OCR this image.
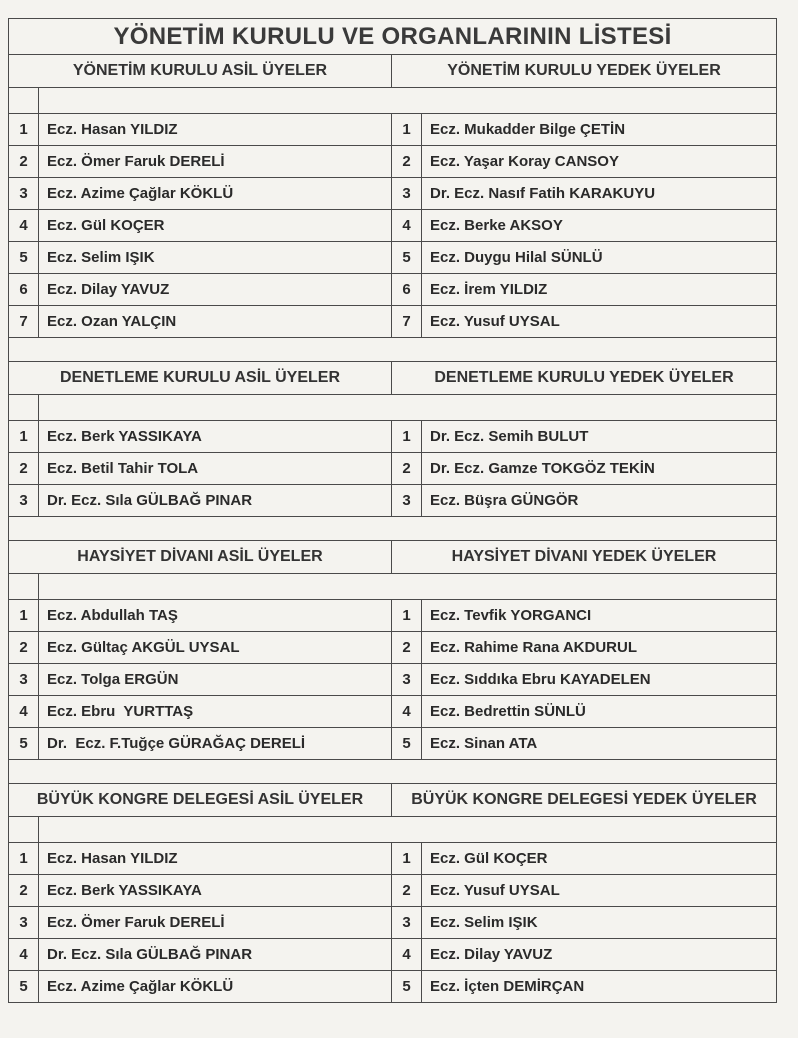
YÖNETİM KURULU VE ORGANLARININ LİSTESİ
YÖNETİM KURULU ASİL ÜYELER	YÖNETİM KURULU YEDEK ÜYELER
1	Ecz. Hasan YILDIZ	1	Ecz. Mukadder Bilge ÇETİN
2	Ecz. Ömer Faruk DERELİ	2	Ecz. Yaşar Koray CANSOY
3	Ecz. Azime Çağlar KÖKLÜ	3	Dr. Ecz. Nasıf Fatih KARAKUYU
4	Ecz. Gül KOÇER	4	Ecz. Berke AKSOY
5	Ecz. Selim IŞIK	5	Ecz. Duygu Hilal SÜNLÜ
6	Ecz. Dilay YAVUZ	6	Ecz. İrem YILDIZ
7	Ecz. Ozan YALÇIN	7	Ecz. Yusuf UYSAL
DENETLEME KURULU ASİL ÜYELER	DENETLEME KURULU YEDEK ÜYELER
1	Ecz. Berk YASSIKAYA	1	Dr. Ecz. Semih BULUT
2	Ecz. Betil Tahir TOLA	2	Dr. Ecz. Gamze TOKGÖZ TEKİN
3	Dr. Ecz. Sıla GÜLBAĞ PINAR	3	Ecz. Büşra GÜNGÖR
HAYSİYET DİVANI ASİL ÜYELER	HAYSİYET DİVANI YEDEK ÜYELER
1	Ecz. Abdullah TAŞ	1	Ecz. Tevfik YORGANCI
2	Ecz. Gültaç AKGÜL UYSAL	2	Ecz. Rahime Rana AKDURUL
3	Ecz. Tolga ERGÜN	3	Ecz. Sıddıka Ebru KAYADELEN
4	Ecz. Ebru  YURTTAŞ	4	Ecz. Bedrettin SÜNLÜ
5	Dr.  Ecz. F.Tuğçe GÜRAĞAÇ DERELİ	5	Ecz. Sinan ATA
BÜYÜK KONGRE DELEGESİ ASİL ÜYELER	BÜYÜK KONGRE DELEGESİ YEDEK ÜYELER
1	Ecz. Hasan YILDIZ	1	Ecz. Gül KOÇER
2	Ecz. Berk YASSIKAYA	2	Ecz. Yusuf UYSAL
3	Ecz. Ömer Faruk DERELİ	3	Ecz. Selim IŞIK
4	Dr. Ecz. Sıla GÜLBAĞ PINAR	4	Ecz. Dilay YAVUZ
5	Ecz. Azime Çağlar KÖKLÜ	5	Ecz. İçten DEMİRÇAN
